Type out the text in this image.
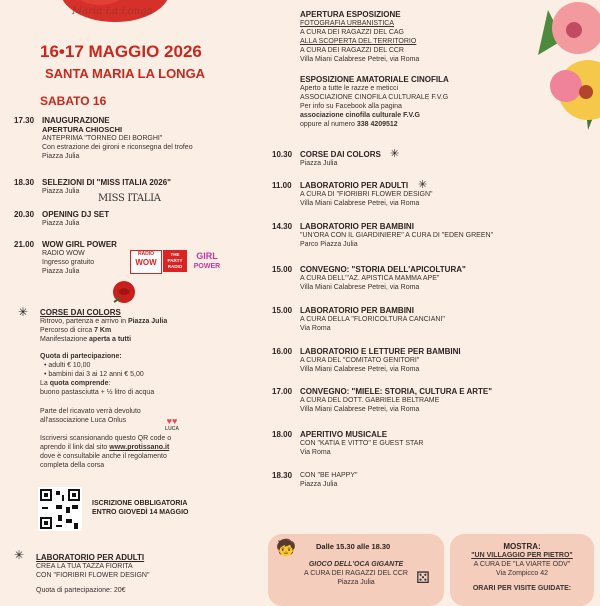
Maria La Longa
16•17 MAGGIO 2026
SANTA MARIA LA LONGA
SABATO 16
17.30 INAUGURAZIONE
APERTURA CHIOSCHI
ANTEPRIMA "TORNEO DEI BORGHI"
Con estrazione dei gironi e riconsegna del trofeo
Piazza Julia
18.30 SELEZIONI DI "MISS ITALIA 2026"
Piazza Julia
MISS ITALIA
20.30 OPENING DJ SET
Piazza Julia
21.00 WOW GIRL POWER
RADIO WOW
Ingresso gratuito
Piazza Julia
RADIO
WOW
THE PARTY RADIO
GIRL
POWER
✳ CORSE DAI COLORS
Ritrovo, partenza e arrivo in Piazza Julia
Percorso di circa 7 Km
Manifestazione aperta a tutti
Quota di partecipazione:
• adulti € 10,00
• bambini dai 3 ai 12 anni € 5,00
La quota comprende:
buono pastasciutta + ½ litro di acqua
Parte del ricavato verrà devoluto
all'associazione Luca Onlus
Iscriversi scansionando questo QR code o
aprendo il link dal sito www.protissano.it
dove è consultabile anche il regolamento
completa della corsa
♥♥
LUCA
ISCRIZIONE OBBLIGATORIA
ENTRO GIOVEDÌ 14 MAGGIO
✳ LABORATORIO PER ADULTI
CREA LA TUA TAZZA FIORITA
CON "FIORIBRI FLOWER DESIGN"
Quota di partecipazione: 20€
APERTURA ESPOSIZIONE
FOTOGRAFIA URBANISTICA
A CURA DEI RAGAZZI DEL CAG
ALLA SCOPERTA DEL TERRITORIO
A CURA DEI RAGAZZI DEL CCR
Villa Miani Calabrese Petrei, via Roma
ESPOSIZIONE AMATORIALE CINOFILA
Aperto a tutte le razze e meticci
ASSOCIAZIONE CINOFILA CULTURALE F.V.G
Per info su Facebook alla pagina
associazione cinofila culturale F.V.G
oppure al numero 338 4209512
10.30 CORSE DAI COLORS
Piazza Julia
✳
11.00 LABORATORIO PER ADULTI
A CURA DI "FIORIBRI FLOWER DESIGN"
Villa Miani Calabrese Petrei, via Roma
✳
14.30 LABORATORIO PER BAMBINI
"UN'ORA CON IL GIARDINIERE" A CURA DI "EDEN GREEN"
Parco Piazza Julia
15.00 CONVEGNO: "STORIA DELL'APICOLTURA"
A CURA DELL'"AZ. APISTICA MAMMA APE"
Villa Miani Calabrese Petrei, via Roma
15.00 LABORATORIO PER BAMBINI
A CURA DELLA "FLORICOLTURA CANCIANI"
Via Roma
16.00 LABORATORIO E LETTURE PER BAMBINI
A CURA DEL "COMITATO GENITORI"
Villa Miani Calabrese Petrei, via Roma
17.00 CONVEGNO: "MIELE: STORIA, CULTURA E ARTE"
A CURA DEL DOTT. GABRIELE BELTRAME
Villa Miani Calabrese Petrei, via Roma
18.00 APERITIVO MUSICALE
CON "KATIA E VITTO" E GUEST STAR
Via Roma
18.30 CON "BE HAPPY"
Piazza Julia
🧒	Dalle 15.30 alle 18.30
GIOCO DELL'OCA GIGANTE
A CURA DEI RAGAZZI DEL CCR
Piazza Julia	⚄
MOSTRA:
"UN VILLAGGIO PER PIETRO"
A CURA DE "LA VIARTE ODV"
Via Zompicco 42
ORARI PER VISITE GUIDATE:
